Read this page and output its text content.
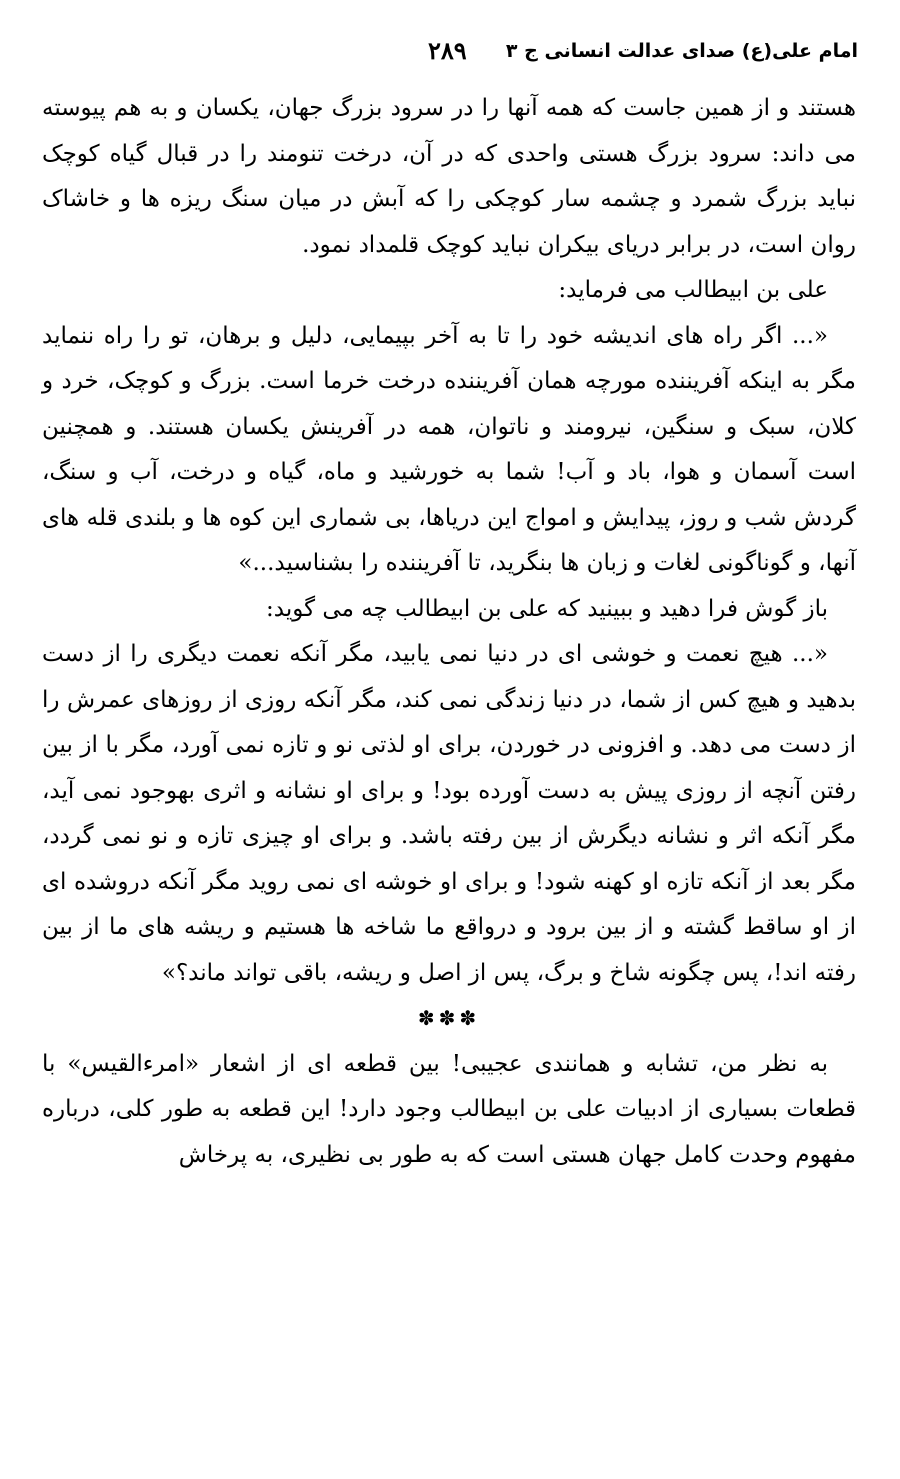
امام علی(ع) صدای عدالت انسانی ج ۳
۲۸۹

هستند و از همین جاست که همه آنها را در سرود بزرگ جهان، یکسان و به هم پیوسته می داند: سرود بزرگ هستی واحدی که در آن، درخت تنومند را در قبال گیاه کوچک نباید بزرگ شمرد و چشمه سار کوچکی را که آبش در میان سنگ ریزه ها و خاشاک روان است، در برابر دریای بیکران نباید کوچک قلمداد نمود.

علی بن ابیطالب می فرماید:

«... اگر راه های اندیشه خود را تا به آخر بپیمایی، دلیل و برهان، تو را راه ننماید مگر به اینکه آفریننده مورچه همان آفریننده درخت خرما است. بزرگ و کوچک، خرد و کلان، سبک و سنگین، نیرومند و ناتوان، همه در آفرینش یکسان هستند. و همچنین است آسمان و هوا، باد و آب! شما به خورشید و ماه، گیاه و درخت، آب و سنگ، گردش شب و روز، پیدایش و امواج این دریاها، بی شماری این کوه ها و بلندی قله های آنها، و گوناگونی لغات و زبان ها بنگرید، تا آفریننده را بشناسید...»

باز گوش فرا دهید و ببینید که علی بن ابیطالب چه می گوید:

«... هیچ نعمت و خوشی ای در دنیا نمی یابید، مگر آنکه نعمت دیگری را از دست بدهید و هیچ کس از شما، در دنیا زندگی نمی کند، مگر آنکه روزی از روزهای عمرش را از دست می دهد. و افزونی در خوردن، برای او لذتی نو و تازه نمی آورد، مگر با از بین رفتن آنچه از روزی پیش به دست آورده بود! و برای او نشانه و اثری بهوجود نمی آید، مگر آنکه اثر و نشانه دیگرش از بین رفته باشد. و برای او چیزی تازه و نو نمی گردد، مگر بعد از آنکه تازه او کهنه شود! و برای او خوشه ای نمی روید مگر آنکه دروشده ای از او ساقط گشته و از بین برود و درواقع ما شاخه ها هستیم و ریشه های ما از بین رفته اند!، پس چگونه شاخ و برگ، پس از اصل و ریشه، باقی تواند ماند؟»

✽✽✽

به نظر من، تشابه و همانندی عجیبی! بین قطعه ای از اشعار «امرءالقیس» با قطعات بسیاری از ادبیات علی بن ابیطالب وجود دارد! این قطعه به طور کلی، درباره مفهوم وحدت کامل جهان هستی است که به طور بی نظیری، به پرخاش
